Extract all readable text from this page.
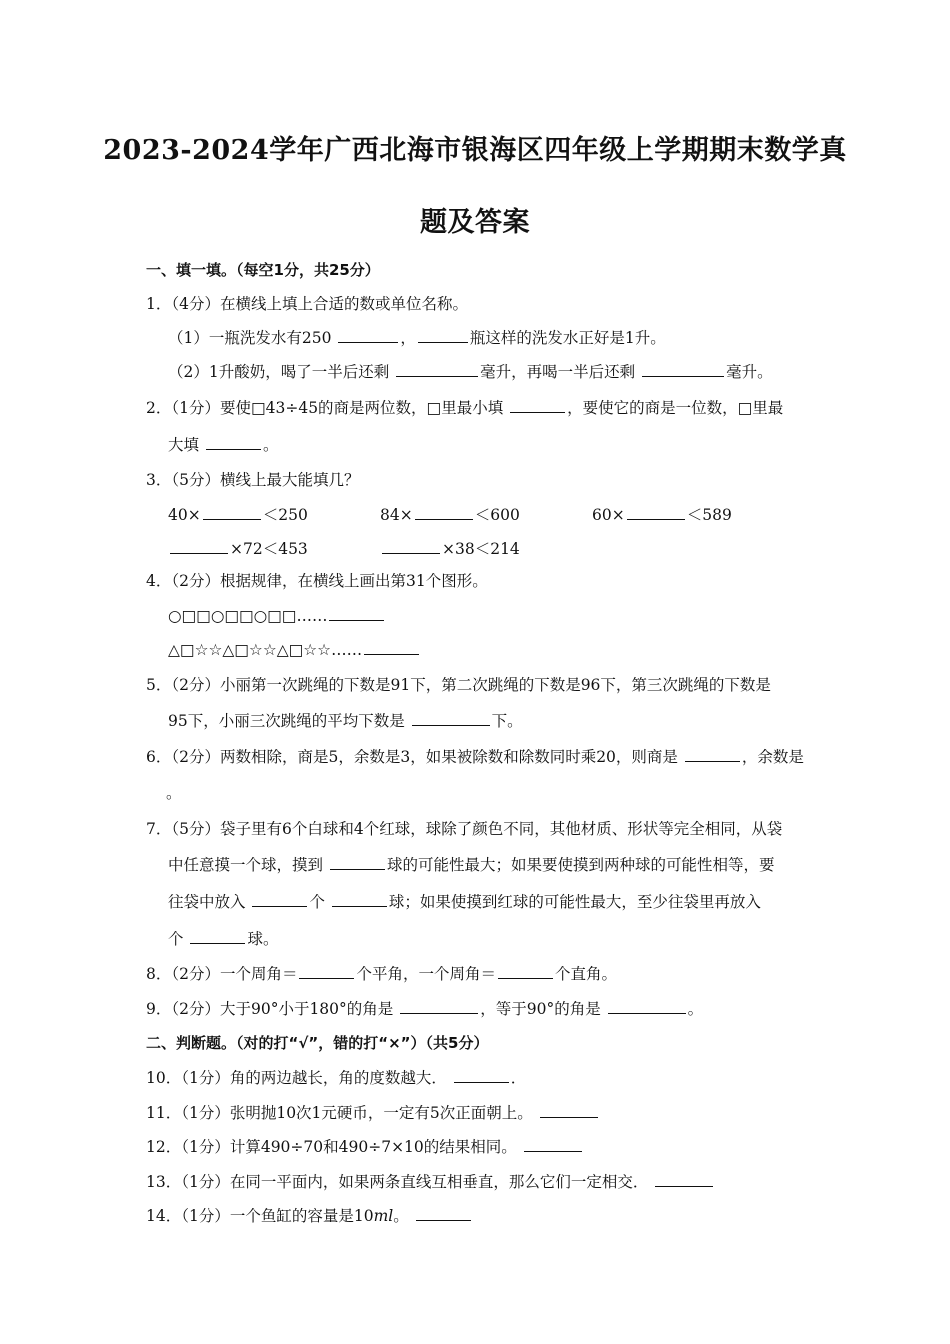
2023-2024学年广西北海市银海区四年级上学期期末数学真
题及答案
一、填一填。（每空1分，共25分）
1．（4分）在横线上填上合适的数或单位名称。
（1）一瓶洗发水有250	，	瓶这样的洗发水正好是1升。
（2）1升酸奶，喝了一半后还剩	毫升，再喝一半后还剩	毫升。
2．（1分）要使□43÷45的商是两位数，□里最小填	，要使它的商是一位数，□里最
大填	。
3．（5分）横线上最大能填几？
40×	＜250	84×	＜600	60×	＜589
×72＜453	×38＜214
4．（2分）根据规律，在横线上画出第31个图形。
○□□○□□○□□……
△□☆☆△□☆☆△□☆☆……
5．（2分）小丽第一次跳绳的下数是91下，第二次跳绳的下数是96下，第三次跳绳的下数是
95下，小丽三次跳绳的平均下数是	下。
6．（2分）两数相除，商是5，余数是3，如果被除数和除数同时乘20，则商是	，余数是
。
7．（5分）袋子里有6个白球和4个红球，球除了颜色不同，其他材质、形状等完全相同，从袋
中任意摸一个球，摸到	球的可能性最大；如果要使摸到两种球的可能性相等，要
往袋中放入	个	球；如果使摸到红球的可能性最大，至少往袋里再放入
个	球。
8．（2分）一个周角＝	个平角，一个周角＝	个直角。
9．（2分）大于90°小于180°的角是	，等于90°的角是	。
二、判断题。（对的打“√”，错的打“×”）（共5分）
10．（1分）角的两边越长，角的度数越大．	．
11．（1分）张明抛10次1元硬币，一定有5次正面朝上。
12．（1分）计算490÷70和490÷7×10的结果相同。
13．（1分）在同一平面内，如果两条直线互相垂直，那么它们一定相交．
14．（1分）一个鱼缸的容量是10ml。
